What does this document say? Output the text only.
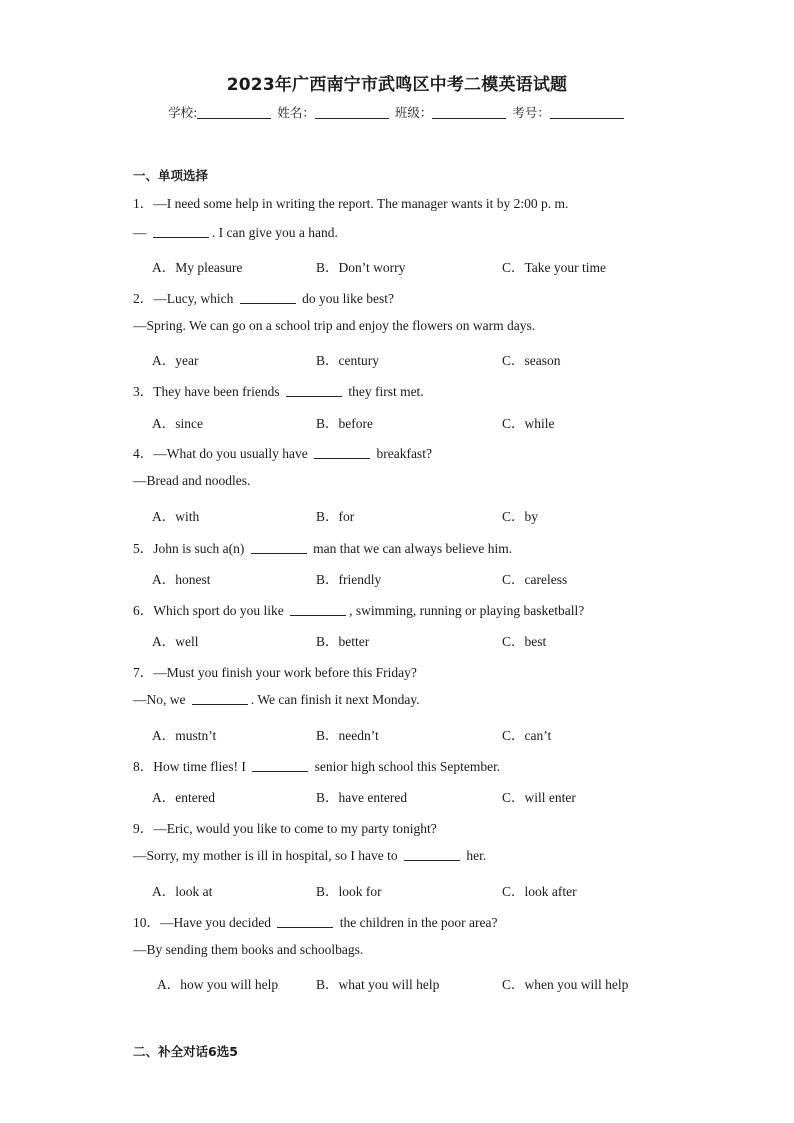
2023年广西南宁市武鸣区中考二模英语试题
学校:	姓名：	班级：	考号：
一、单项选择
1．—I need some help in writing the report. The manager wants it by 2:00 p. m.
—	. I can give you a hand.
A．My pleasure	B．Don’t worry	C．Take your time
2．—Lucy, which	do you like best?
—Spring. We can go on a school trip and enjoy the flowers on warm days.
A．year	B．century	C．season
3．They have been friends	they first met.
A．since	B．before	C．while
4．—What do you usually have	breakfast?
—Bread and noodles.
A．with	B．for	C．by
5．John is such a(n)	man that we can always believe him.
A．honest	B．friendly	C．careless
6．Which sport do you like	, swimming, running or playing basketball?
A．well	B．better	C．best
7．—Must you finish your work before this Friday?
—No, we	. We can finish it next Monday.
A．mustn’t	B．needn’t	C．can’t
8．How time flies! I	senior high school this September.
A．entered	B．have entered	C．will enter
9．—Eric, would you like to come to my party tonight?
—Sorry, my mother is ill in hospital, so I have to	her.
A．look at	B．look for	C．look after
10．—Have you decided	the children in the poor area?
—By sending them books and schoolbags.
A．how you will help	B．what you will help	C．when you will help
二、补全对话6选5
